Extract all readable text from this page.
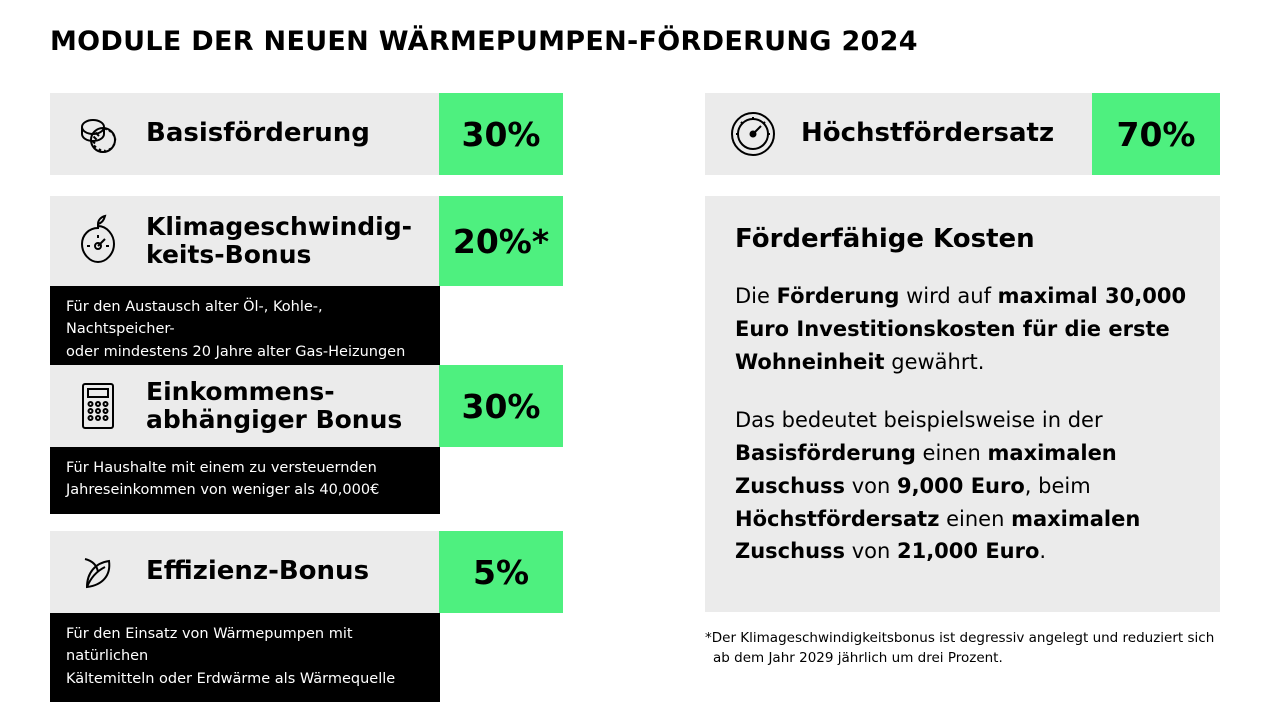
MODULE DER NEUEN WÄRMEPUMPEN-FÖRDERUNG 2024
Basisförderung	30%
Klimageschwindig-
keits-Bonus	20%*
Für den Austausch alter Öl-, Kohle-, Nachtspeicher-
oder mindestens 20 Jahre alter Gas-Heizungen
Einkommens-
abhängiger Bonus	30%
Für Haushalte mit einem zu versteuernden
Jahreseinkommen von weniger als 40,000€
Effizienz-Bonus	5%
Für den Einsatz von Wärmepumpen mit natürlichen
Kältemitteln oder Erdwärme als Wärmequelle
Höchstfördersatz	70%
Förderfähige Kosten

Die Förderung wird auf maximal 30,000 Euro Investitionskosten für die erste Wohneinheit gewährt.

Das bedeutet beispielsweise in der Basisförderung einen maximalen Zuschuss von 9,000 Euro, beim Höchstfördersatz einen maximalen Zuschuss von 21,000 Euro.

*Der Klimageschwindigkeitsbonus ist degressiv angelegt und reduziert sich
ab dem Jahr 2029 jährlich um drei Prozent.
